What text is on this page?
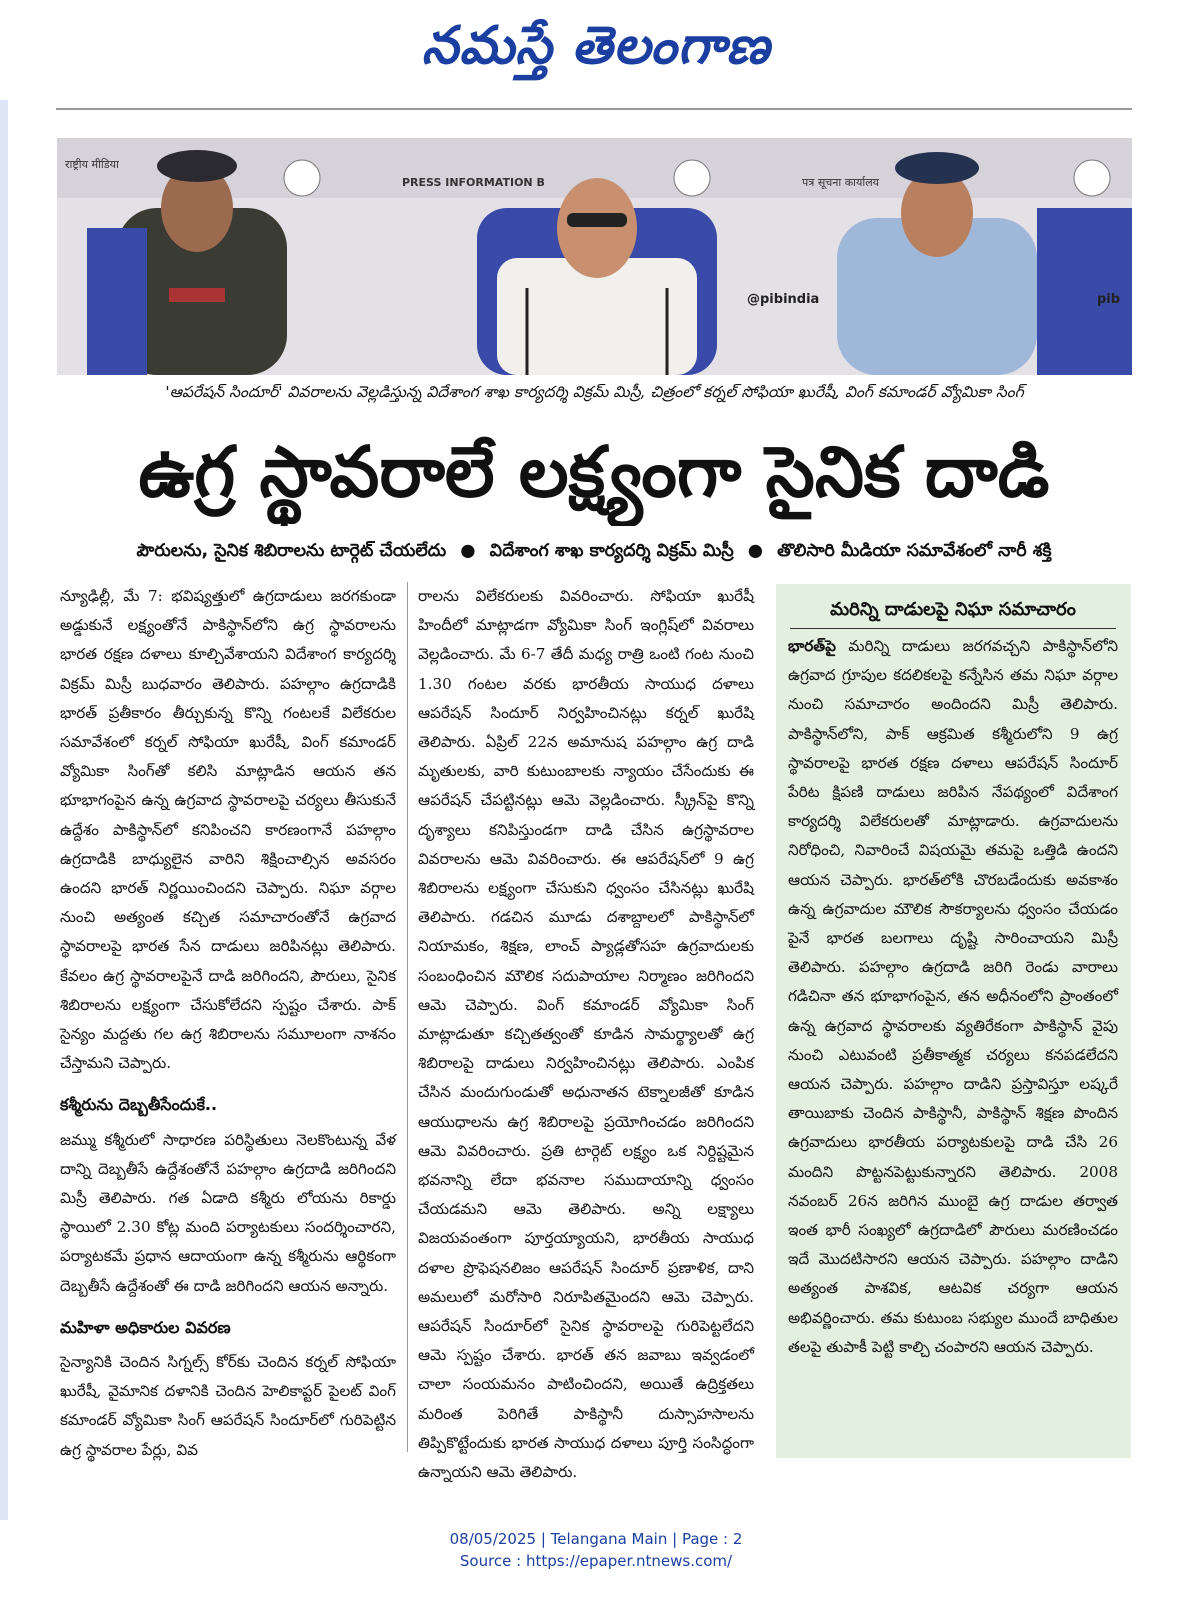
నమస్తే తెలంగాణ
राष्ट्रीय मीडिया
PRESS INFORMATION B	पत्र सूचना कार्यालय
@pibindia	pib
'ఆపరేషన్ సిందూర్' వివరాలను వెల్లడిస్తున్న విదేశాంగ శాఖ కార్యదర్శి విక్రమ్ మిస్రీ, చిత్రంలో కర్నల్ సోఫియా ఖురేషీ, వింగ్ కమాండర్ వ్యోమికా సింగ్
ఉగ్ర స్థావరాలే లక్ష్యంగా సైనిక దాడి
పౌరులను, సైనిక శిబిరాలను టార్గెట్ చేయలేదు ● విదేశాంగ శాఖ కార్యదర్శి విక్రమ్ మిస్రీ ● తొలిసారి మీడియా సమావేశంలో నారీ శక్తి

న్యూఢిల్లీ, మే 7: భవిష్యత్తులో ఉగ్రదాడులు జరగకుండా అడ్డుకునే లక్ష్యంతోనే పాకిస్థాన్‌లోని ఉగ్ర స్థావరాలను భారత రక్షణ దళాలు కూల్చివేశాయని విదేశాంగ కార్యదర్శి విక్రమ్ మిస్రీ బుధవారం తెలిపారు. పహల్గాం ఉగ్రదాడికి భారత్ ప్రతీకారం తీర్చుకున్న కొన్ని గంటలకే విలేకరుల సమావేశంలో కర్నల్ సోఫియా ఖురేషీ, వింగ్ కమాండర్ వ్యోమికా సింగ్‌తో కలిసి మాట్లాడిన ఆయన తన భూభాగంపైన ఉన్న ఉగ్రవాద స్థావరాలపై చర్యలు తీసుకునే ఉద్దేశం పాకిస్థాన్‌లో కనిపించని కారణంగానే పహల్గాం ఉగ్రదాడికి బాధ్యులైన వారిని శిక్షించాల్సిన అవసరం ఉందని భారత్ నిర్ణయించిందని చెప్పారు. నిఘా వర్గాల నుంచి అత్యంత కచ్చిత సమాచారంతోనే ఉగ్రవాద స్థావరాలపై భారత సేన దాడులు జరిపినట్లు తెలిపారు. కేవలం ఉగ్ర స్థావరాలపైనే దాడి జరిగిందని, పౌరులు, సైనిక శిబిరాలను లక్ష్యంగా చేసుకోలేదని స్పష్టం చేశారు. పాక్ సైన్యం మద్దతు గల ఉగ్ర శిబిరాలను సమూలంగా నాశనం చేస్తామని చెప్పారు.

కశ్మీరును దెబ్బతీసేందుకే..

జమ్ము కశ్మీరులో సాధారణ పరిస్థితులు నెలకొంటున్న వేళ దాన్ని దెబ్బతీసే ఉద్దేశంతోనే పహల్గాం ఉగ్రదాడి జరిగిందని మిస్రీ తెలిపారు. గత ఏడాది కశ్మీరు లోయను రికార్డు స్థాయిలో 2.30 కోట్ల మంది పర్యాటకులు సందర్శించారని, పర్యాటకమే ప్రధాన ఆదాయంగా ఉన్న కశ్మీరును ఆర్థికంగా దెబ్బతీసే ఉద్దేశంతో ఈ దాడి జరిగిందని ఆయన అన్నారు.

మహిళా అధికారుల వివరణ

సైన్యానికి చెందిన సిగ్నల్స్ కోర్‌కు చెందిన కర్నల్ సోఫియా ఖురేషీ, వైమానిక దళానికి చెందిన హెలికాప్టర్ పైలట్ వింగ్ కమాండర్ వ్యోమికా సింగ్ ఆపరేషన్ సిందూర్‌లో గురిపెట్టిన ఉగ్ర స్థావరాల పేర్లు, వివ

రాలను విలేకరులకు వివరించారు. సోఫియా ఖురేషీ హిందీలో మాట్లాడగా వ్యోమికా సింగ్ ఇంగ్లిష్‌లో వివరాలు వెల్లడించారు. మే 6-7 తేదీ మధ్య రాత్రి ఒంటి గంట నుంచి 1.30 గంటల వరకు భారతీయ సాయుధ దళాలు ఆపరేషన్ సిందూర్ నిర్వహించినట్లు కర్నల్ ఖురేషి తెలిపారు. ఏప్రిల్ 22న అమానుష పహల్గాం ఉగ్ర దాడి మృతులకు, వారి కుటుంబాలకు న్యాయం చేసేందుకు ఈ ఆపరేషన్ చేపట్టినట్లు ఆమె వెల్లడించారు. స్క్రీన్‌పై కొన్ని దృశ్యాలు కనిపిస్తుండగా దాడి చేసిన ఉగ్రస్థావరాల వివరాలను ఆమె వివరించారు. ఈ ఆపరేషన్‌లో 9 ఉగ్ర శిబిరాలను లక్ష్యంగా చేసుకుని ధ్వంసం చేసినట్లు ఖురేషి తెలిపారు. గడచిన మూడు దశాబ్దాలలో పాకిస్థాన్‌లో నియామకం, శిక్షణ, లాంచ్ ప్యాడ్లతోసహ ఉగ్రవాదులకు సంబంధించిన మౌలిక సదుపాయాల నిర్మాణం జరిగిందని ఆమె చెప్పారు. వింగ్ కమాండర్ వ్యోమికా సింగ్ మాట్లాడుతూ కచ్చితత్వంతో కూడిన సామర్థ్యాలతో ఉగ్ర శిబిరాలపై దాడులు నిర్వహించినట్లు తెలిపారు. ఎంపిక చేసిన మందుగుండుతో అధునాతన టెక్నాలజీతో కూడిన ఆయుధాలను ఉగ్ర శిబిరాలపై ప్రయోగించడం జరిగిందని ఆమె వివరించారు. ప్రతి టార్గెట్ లక్ష్యం ఒక నిర్దిష్టమైన భవనాన్ని లేదా భవనాల సముదాయాన్ని ధ్వంసం చేయడమని ఆమె తెలిపారు. అన్ని లక్ష్యాలు విజయవంతంగా పూర్తయ్యాయని, భారతీయ సాయుధ దళాల ప్రొఫెషనలిజం ఆపరేషన్ సిందూర్ ప్రణాళిక, దాని అమలులో మరోసారి నిరూపితమైందని ఆమె చెప్పారు. ఆపరేషన్ సిందూర్‌లో సైనిక స్థావరాలపై గురిపెట్టలేదని ఆమె స్పష్టం చేశారు. భారత్ తన జవాబు ఇవ్వడంలో చాలా సంయమనం పాటించిందని, అయితే ఉద్రిక్తతలు మరింత పెరిగితే పాకిస్థానీ దుస్సాహసాలను తిప్పికొట్టేందుకు భారత సాయుధ దళాలు పూర్తి సంసిద్ధంగా ఉన్నాయని ఆమె తెలిపారు.

మరిన్ని దాడులపై నిఘా సమాచారం

భారత్‌పై మరిన్ని దాడులు జరగవచ్చని పాకిస్థాన్‌లోని ఉగ్రవాద గ్రూపుల కదలికలపై కన్నేసిన తమ నిఘా వర్గాల నుంచి సమాచారం అందిందని మిస్రీ తెలిపారు. పాకిస్థాన్‌లోని, పాక్ ఆక్రమిత కశ్మీరులోని 9 ఉగ్ర స్థావరాలపై భారత రక్షణ దళాలు ఆపరేషన్ సిందూర్ పేరిట క్షిపణి దాడులు జరిపిన నేపథ్యంలో విదేశాంగ కార్యదర్శి విలేకరులతో మాట్లాడారు. ఉగ్రవాదులను నిరోధించి, నివారించే విషయమై తమపై ఒత్తిడి ఉందని ఆయన చెప్పారు. భారత్‌లోకి చొరబడేందుకు అవకాశం ఉన్న ఉగ్రవాదుల మౌలిక సౌకర్యాలను ధ్వంసం చేయడం పైనే భారత బలగాలు దృష్టి సారించాయని మిస్రీ తెలిపారు. పహల్గాం ఉగ్రదాడి జరిగి రెండు వారాలు గడిచినా తన భూభాగంపైన, తన అధీనంలోని ప్రాంతంలో ఉన్న ఉగ్రవాద స్థావరాలకు వ్యతిరేకంగా పాకిస్థాన్ వైపు నుంచి ఎటువంటి ప్రతీకాత్మక చర్యలు కనపడలేదని ఆయన చెప్పారు. పహల్గాం దాడిని ప్రస్తావిస్తూ లష్కరే తాయిబాకు చెందిన పాకిస్థానీ, పాకిస్థాన్ శిక్షణ పొందిన ఉగ్రవాదులు భారతీయ పర్యాటకులపై దాడి చేసి 26 మందిని పొట్టనపెట్టుకున్నారని తెలిపారు. 2008 నవంబర్ 26న జరిగిన ముంబై ఉగ్ర దాడుల తర్వాత ఇంత భారీ సంఖ్యలో ఉగ్రదాడిలో పౌరులు మరణించడం ఇదే మొదటిసారని ఆయన చెప్పారు. పహల్గాం దాడిని అత్యంత పాశవిక, ఆటవిక చర్యగా ఆయన అభివర్ణించారు. తమ కుటుంబ సభ్యుల ముందే బాధితుల తలపై తుపాకీ పెట్టి కాల్చి చంపారని ఆయన చెప్పారు.

08/05/2025 | Telangana Main | Page : 2
Source : https://epaper.ntnews.com/
